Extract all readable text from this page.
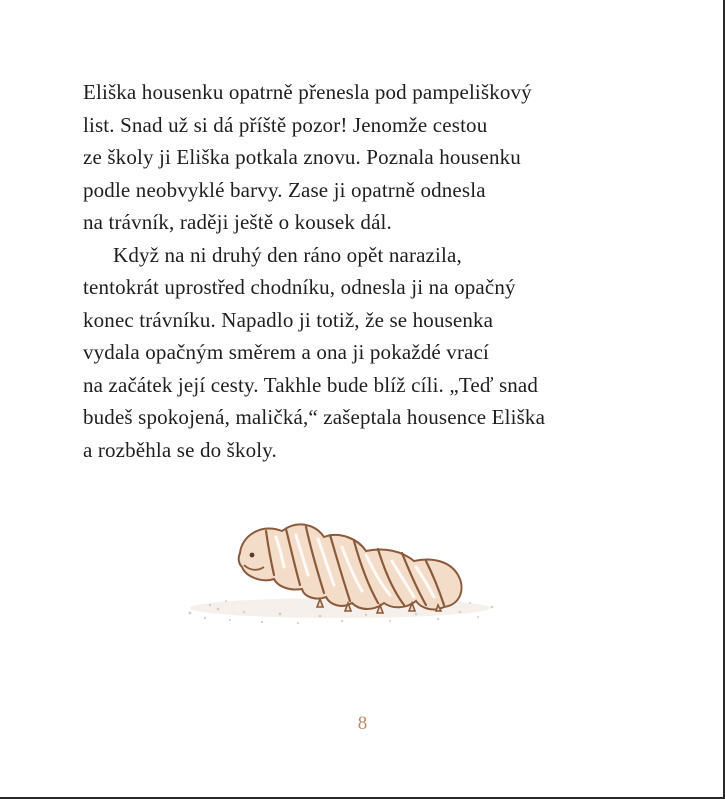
Eliška housenku opatrně přenesla pod pampeliškový
list. Snad už si dá příště pozor! Jenomže cestou
ze školy ji Eliška potkala znovu. Poznala housenku
podle neobvyklé barvy. Zase ji opatrně odnesla
na trávník, raději ještě o kousek dál.

Když na ni druhý den ráno opět narazila,
tentokrát uprostřed chodníku, odnesla ji na opačný
konec trávníku. Napadlo ji totiž, že se housenka
vydala opačným směrem a ona ji pokaždé vrací
na začátek její cesty. Takhle bude blíž cíli. „Teď snad
budeš spokojená, maličká,“ zašeptala housence Eliška
a rozběhla se do školy.

8
